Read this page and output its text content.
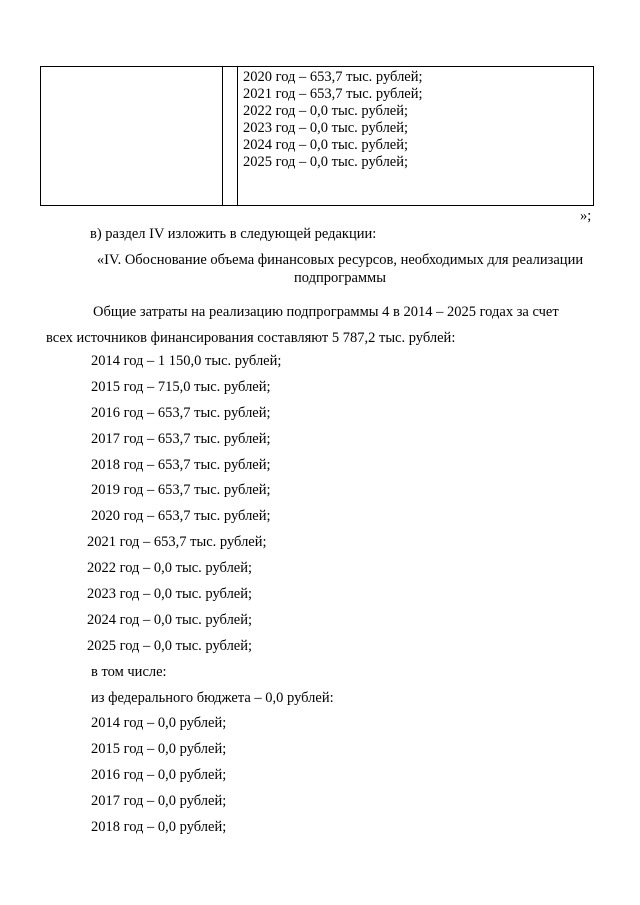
2020 год – 653,7 тыс. рублей;
2021 год – 653,7 тыс. рублей;
2022 год – 0,0 тыс. рублей;
2023 год – 0,0 тыс. рублей;
2024 год – 0,0 тыс. рублей;
2025 год – 0,0 тыс. рублей;
»;
в) раздел IV изложить в следующей редакции:
«IV. Обоснование объема финансовых ресурсов, необходимых для реализации
подпрограммы
Общие затраты на реализацию подпрограммы 4 в 2014 – 2025 годах за счет
всех источников финансирования составляют 5 787,2 тыс. рублей:
2014 год – 1 150,0 тыс. рублей;
2015 год – 715,0 тыс. рублей;
2016 год – 653,7 тыс. рублей;
2017 год – 653,7 тыс. рублей;
2018 год – 653,7 тыс. рублей;
2019 год – 653,7 тыс. рублей;
2020 год – 653,7 тыс. рублей;
2021 год – 653,7 тыс. рублей;
2022 год – 0,0 тыс. рублей;
2023 год – 0,0 тыс. рублей;
2024 год – 0,0 тыс. рублей;
2025 год – 0,0 тыс. рублей;
в том числе:
из федерального бюджета – 0,0 рублей:
2014 год – 0,0 рублей;
2015 год – 0,0 рублей;
2016 год – 0,0 рублей;
2017 год – 0,0 рублей;
2018 год – 0,0 рублей;
